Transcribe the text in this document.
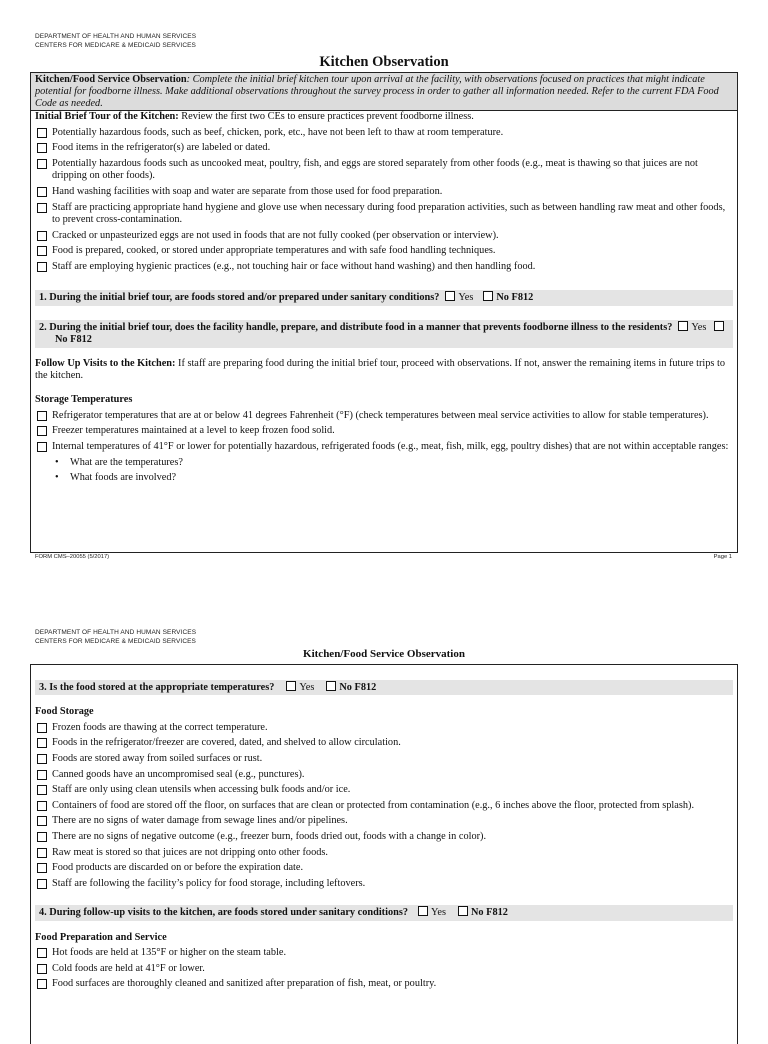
DEPARTMENT OF HEALTH AND HUMAN SERVICES
CENTERS FOR MEDICARE & MEDICAID SERVICES
Kitchen Observation
Kitchen/Food Service Observation: Complete the initial brief kitchen tour upon arrival at the facility, with observations focused on practices that might indicate potential for foodborne illness. Make additional observations throughout the survey process in order to gather all information needed. Refer to the current FDA Food Code as needed.
Initial Brief Tour of the Kitchen: Review the first two CEs to ensure practices prevent foodborne illness.
Potentially hazardous foods, such as beef, chicken, pork, etc., have not been left to thaw at room temperature.
Food items in the refrigerator(s) are labeled or dated.
Potentially hazardous foods such as uncooked meat, poultry, fish, and eggs are stored separately from other foods (e.g., meat is thawing so that juices are not dripping on other foods).
Hand washing facilities with soap and water are separate from those used for food preparation.
Staff are practicing appropriate hand hygiene and glove use when necessary during food preparation activities, such as between handling raw meat and other foods, to prevent cross-contamination.
Cracked or unpasteurized eggs are not used in foods that are not fully cooked (per observation or interview).
Food is prepared, cooked, or stored under appropriate temperatures and with safe food handling techniques.
Staff are employing hygienic practices (e.g., not touching hair or face without hand washing) and then handling food.
1. During the initial brief tour, are foods stored and/or prepared under sanitary conditions? Yes No F812
2. During the initial brief tour, does the facility handle, prepare, and distribute food in a manner that prevents foodborne illness to the residents? YesNo F812
Follow Up Visits to the Kitchen: If staff are preparing food during the initial brief tour, proceed with observations. If not, answer the remaining items in future trips to the kitchen.
Storage Temperatures
Refrigerator temperatures that are at or below 41 degrees Fahrenheit (°F) (check temperatures between meal service activities to allow for stable temperatures).
Freezer temperatures maintained at a level to keep frozen food solid.
Internal temperatures of 41°F or lower for potentially hazardous, refrigerated foods (e.g., meat, fish, milk, egg, poultry dishes) that are not within acceptable ranges:
• What are the temperatures?
• What foods are involved?
FORM CMS–20055 (5/2017)	Page 1
DEPARTMENT OF HEALTH AND HUMAN SERVICES
CENTERS FOR MEDICARE & MEDICAID SERVICES
Kitchen/Food Service Observation
3. Is the food stored at the appropriate temperatures? Yes No F812
Food Storage
Frozen foods are thawing at the correct temperature.
Foods in the refrigerator/freezer are covered, dated, and shelved to allow circulation.
Foods are stored away from soiled surfaces or rust.
Canned goods have an uncompromised seal (e.g., punctures).
Staff are only using clean utensils when accessing bulk foods and/or ice.
Containers of food are stored off the floor, on surfaces that are clean or protected from contamination (e.g., 6 inches above the floor, protected from splash).
There are no signs of water damage from sewage lines and/or pipelines.
There are no signs of negative outcome (e.g., freezer burn, foods dried out, foods with a change in color).
Raw meat is stored so that juices are not dripping onto other foods.
Food products are discarded on or before the expiration date.
Staff are following the facility’s policy for food storage, including leftovers.
4. During follow-up visits to the kitchen, are foods stored under sanitary conditions? Yes No F812
Food Preparation and Service
Hot foods are held at 135°F or higher on the steam table.
Cold foods are held at 41°F or lower.
Food surfaces are thoroughly cleaned and sanitized after preparation of fish, meat, or poultry.
